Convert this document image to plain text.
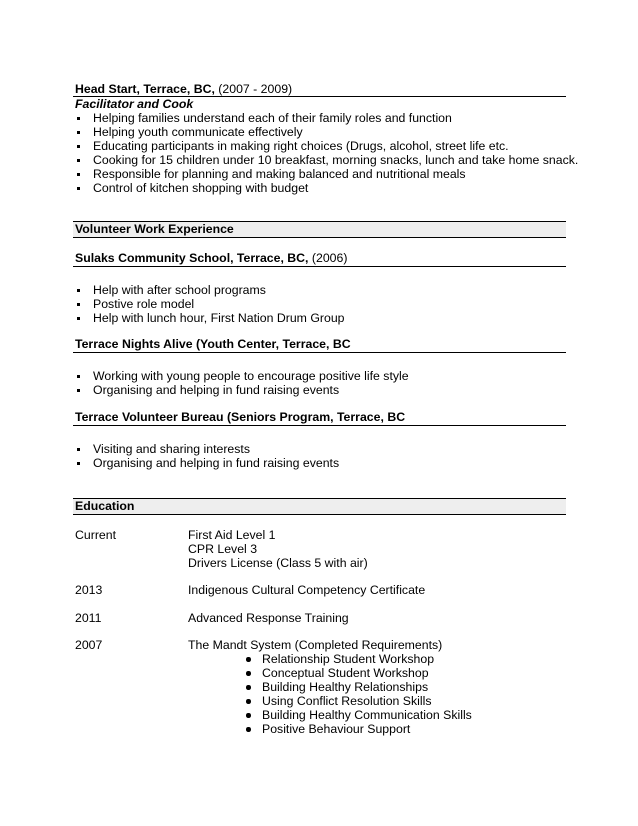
Head Start, Terrace, BC, (2007 - 2009)
Facilitator and Cook
Helping families understand each of their family roles and function
Helping youth communicate effectively
Educating participants in making right choices (Drugs, alcohol, street life etc.
Cooking for 15 children under 10 breakfast, morning snacks, lunch and take home snack.
Responsible for planning and making balanced and nutritional meals
Control of kitchen shopping with budget
Volunteer Work Experience
Sulaks Community School, Terrace, BC, (2006)
Help with after school programs
Postive role model
Help with lunch hour, First Nation Drum Group
Terrace Nights Alive (Youth Center, Terrace, BC
Working with young people to encourage positive life style
Organising and helping in fund raising events
Terrace Volunteer Bureau (Seniors Program, Terrace, BC
Visiting and sharing interests
Organising and helping in fund raising events
Education
Current	First Aid Level 1
CPR Level 3
Drivers License (Class 5 with air)
2013	Indigenous Cultural Competency Certificate
2011	Advanced Response Training
2007	The Mandt System (Completed Requirements)
Relationship Student Workshop
Conceptual Student Workshop
Building Healthy Relationships
Using Conflict Resolution Skills
Building Healthy Communication Skills
Positive Behaviour Support
